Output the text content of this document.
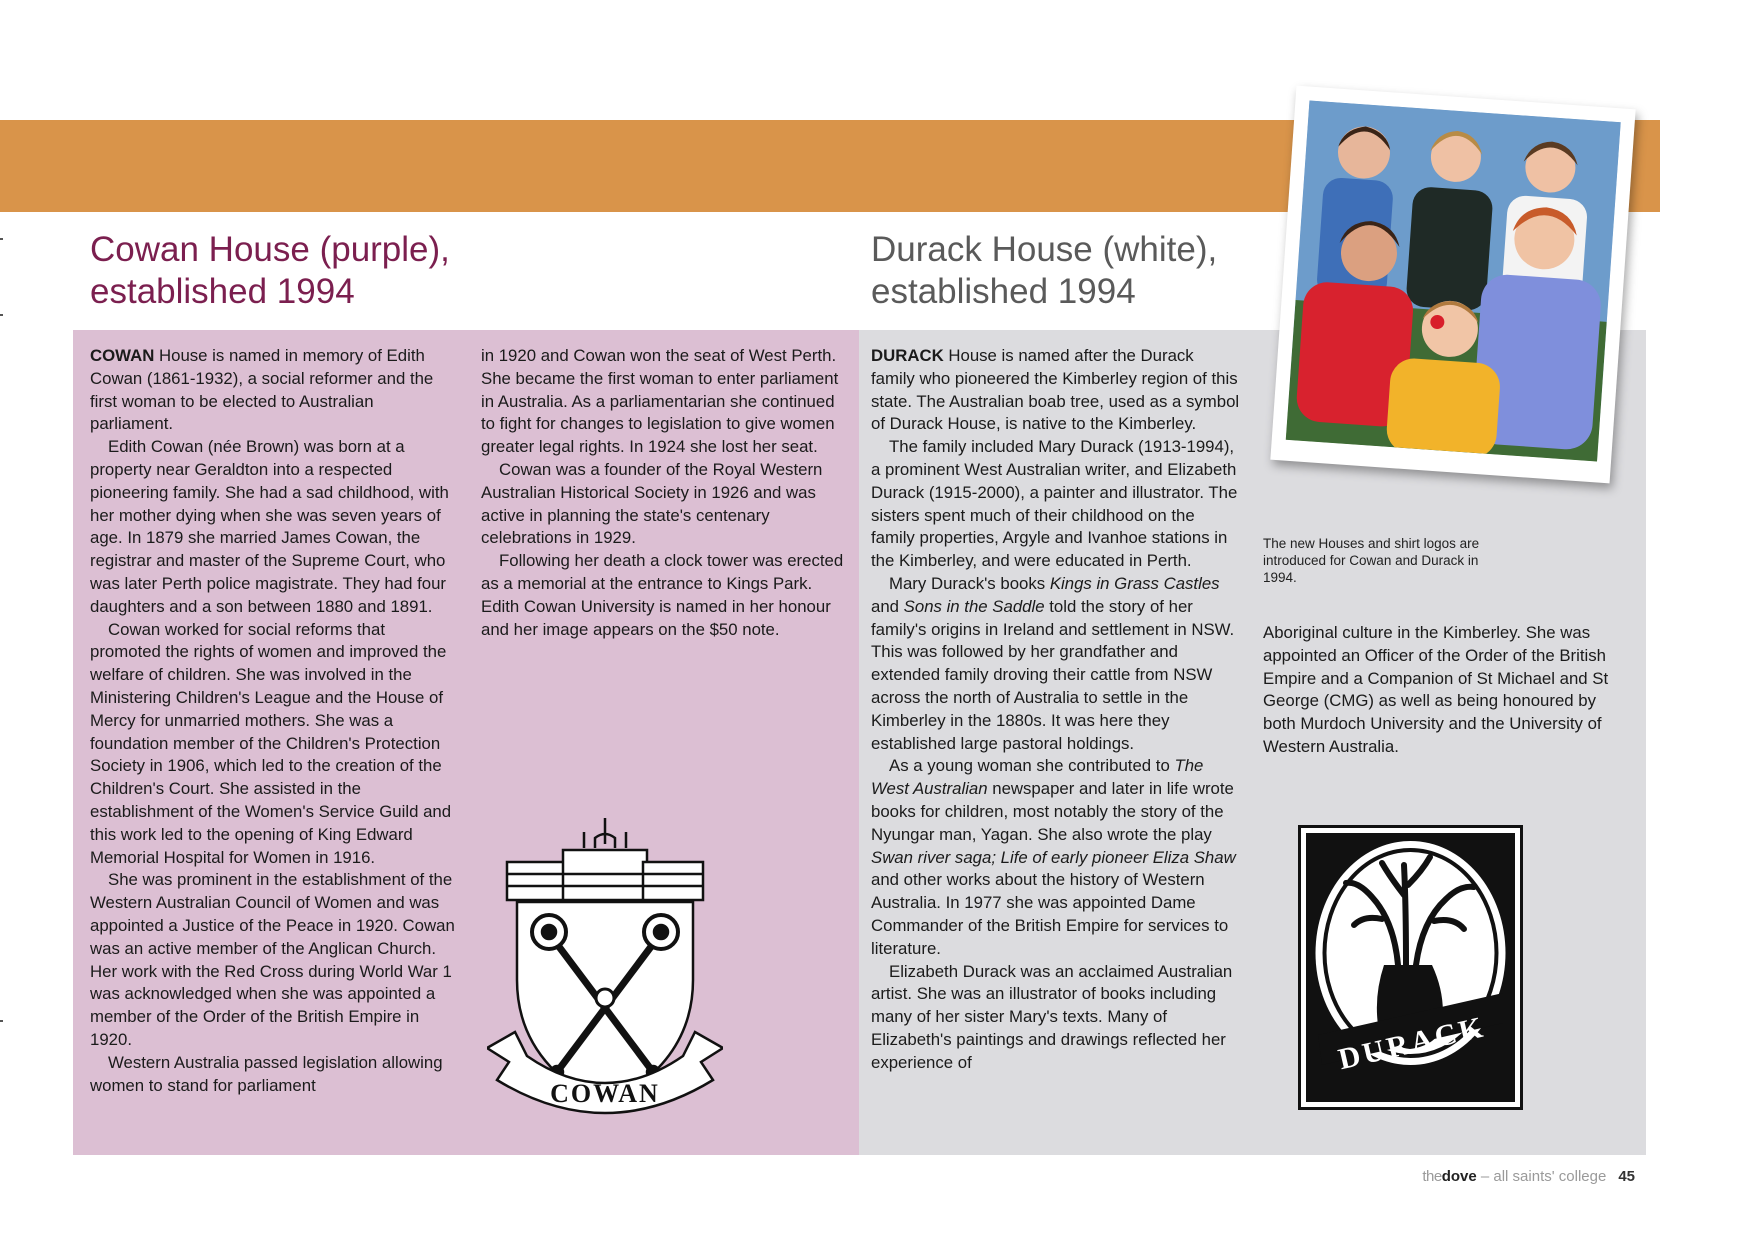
Cowan House (purple),
established 1994
Durack House (white),
established 1994

COWAN House is named in memory of Edith Cowan (1861-1932), a social reformer and the first woman to be elected to Australian parliament.

Edith Cowan (née Brown) was born at a property near Geraldton into a respected pioneering family. She had a sad childhood, with her mother dying when she was seven years of age. In 1879 she married James Cowan, the registrar and master of the Supreme Court, who was later Perth police magistrate. They had four daughters and a son between 1880 and 1891.

Cowan worked for social reforms that promoted the rights of women and improved the welfare of children. She was involved in the Ministering Children's League and the House of Mercy for unmarried mothers. She was a foundation member of the Children's Protection Society in 1906, which led to the creation of the Children's Court. She assisted in the establishment of the Women's Service Guild and this work led to the opening of King Edward Memorial Hospital for Women in 1916.

She was prominent in the establishment of the Western Australian Council of Women and was appointed a Justice of the Peace in 1920. Cowan was an active member of the Anglican Church. Her work with the Red Cross during World War 1 was acknowledged when she was appointed a member of the Order of the British Empire in 1920.

Western Australia passed legislation allowing women to stand for parliament

in 1920 and Cowan won the seat of West Perth. She became the first woman to enter parliament in Australia. As a parliamentarian she continued to fight for changes to legislation to give women greater legal rights. In 1924 she lost her seat.

Cowan was a founder of the Royal Western Australian Historical Society in 1926 and was active in planning the state's centenary celebrations in 1929.

Following her death a clock tower was erected as a memorial at the entrance to Kings Park. Edith Cowan University is named in her honour and her image appears on the $50 note.

DURACK House is named after the Durack family who pioneered the Kimberley region of this state. The Australian boab tree, used as a symbol of Durack House, is native to the Kimberley.

The family included Mary Durack (1913-1994), a prominent West Australian writer, and Elizabeth Durack (1915-2000), a painter and illustrator. The sisters spent much of their childhood on the family properties, Argyle and Ivanhoe stations in the Kimberley, and were educated in Perth.

Mary Durack's books Kings in Grass Castles and Sons in the Saddle told the story of her family's origins in Ireland and settlement in NSW. This was followed by her grandfather and extended family droving their cattle from NSW across the north of Australia to settle in the Kimberley in the 1880s. It was here they established large pastoral holdings.

As a young woman she contributed to The West Australian newspaper and later in life wrote books for children, most notably the story of the Nyungar man, Yagan. She also wrote the play Swan river saga; Life of early pioneer Eliza Shaw and other works about the history of Western Australia. In 1977 she was appointed Dame Commander of the British Empire for services to literature.

Elizabeth Durack was an acclaimed Australian artist. She was an illustrator of books including many of her sister Mary's texts. Many of Elizabeth's paintings and drawings reflected her experience of

Aboriginal culture in the Kimberley. She was appointed an Officer of the Order of the British Empire and a Companion of St Michael and St George (CMG) as well as being honoured by both Murdoch University and the University of Western Australia.

The new Houses and shirt logos are introduced for Cowan and Durack in 1994.
COWAN
DURACK
thedove – all saints' college 45
